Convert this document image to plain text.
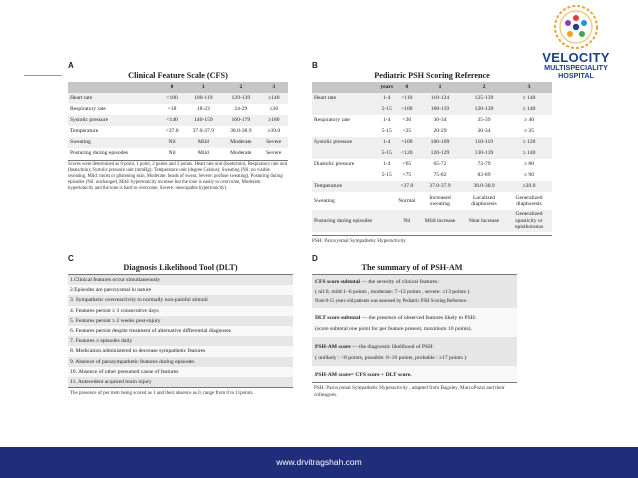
VELOCITY
MULTISPECIALITY
HOSPITAL
A
Clinical Feature Scale (CFS)
	0	1	2	3
Heart rate	<100	100-119	129-139	≥140
Respiratory rate	<18	18-23	24-29	≥30
Systolic pressure	<140	140-159	160-179	≥180
Temperature	<37.0	37.0-37.9	38.0-38.9	≥39.0
Sweating	Nil	Mild	Moderate	Severe
Posturing during episodes	Nil	Mild	Moderate	Severe
Scores were determined as 0 point, 1 point, 2 points and 3 points. Heart rate unit (beats/min), Respiratory rate unit (beats/min); Systolic pressure unit (mmHg); Temperature unit (degree Celsius); Sweating (Nil: no visible sweating, Mild: moist or glistening skin, Moderate: beads of sweat, Severe: profuse sweating), Posturing during episodes (Nil: unchanged, Mild: hypertonicity increase but the tone is easily to overcome, Moderate: hypertonicity and the tone is hard to overcome, Severe: inescapable hypertonicity).
B
Pediatric PSH Scoring Reference
	years	0	1	2	3
Heart rate	1-4	<110	110-124	125-139	≥ 140
	5-15	<100	100-119	120-139	≥ 140
Respiratory rate	1-4	<30	30-34	35-39	≥ 40
	5-15	<25	20-29	30-34	≥ 35
Systolic pressure	1-4	<100	100-109	110-119	≥ 120
	5-15	<120	120-129	130-139	≥ 140
Diastolic pressure	1-4	<65	65-72	73-79	≥ 80
	5-15	<75	75-82	83-89	≥ 90
Temperature		<37.0	37.0-37.9	38.0-38.9	≥39.0
Sweating		Normal	Increased sweating	Localized diaphoresis	Generalized diaphoresis
Posturing during episodes		Nil	Mild increase	Neat increase	Generalized spasticity or opisthotonus
PSH: Paroxysmal Sympathetic Hyperactivity
C
Diagnosis Likelihood Tool (DLT)
1.Clinical features occur simultaneously
2.Episodes are paroxysmal in nature
3. Sympathetic overreactivity to normally non-painful stimuli
4. Features persist ≥ 3 consecutive days
5. Features persist ≥ 2 weeks post-injury
6. Features persist despite treatment of alternative differential diagnoses
7. Features ≥ episodes daily
8. Medication administered to decrease sympathetic features
9. Absence of parasympathetic features during episodes
10. Absence of other presumed cause of features
11. Antecedent acquired brain injury
The presence of per item being scored as 1 and their absence as 0, range from 0 to 11points.
D
The summary of of PSH-AM
CFS score subtotal — the severity of clinical features:
( nil:0, mild:1–6 points , moderate: 7–12 points , severe: ≥13 points ).
Note:0-15 years old patients was assessed by Pediatric PSH Scoring Reference .
DLT score subtotal — the presence of observed features likely to PSH:
(score subtotal one point for per feature present, maximum 10 points).
PSH-AM score — the diagnostic likelihood of PSH:
( unlikely : <8 points, possible: 8–16 points, probable : ≥17 points ).
PSH-AM score= CFS score + DLT score.
PSH: Paroxysmal Sympathetic Hyperactivity , adapted from Baguley, MarcoPozzi and their colleagues.
www.drvitragshah.com
